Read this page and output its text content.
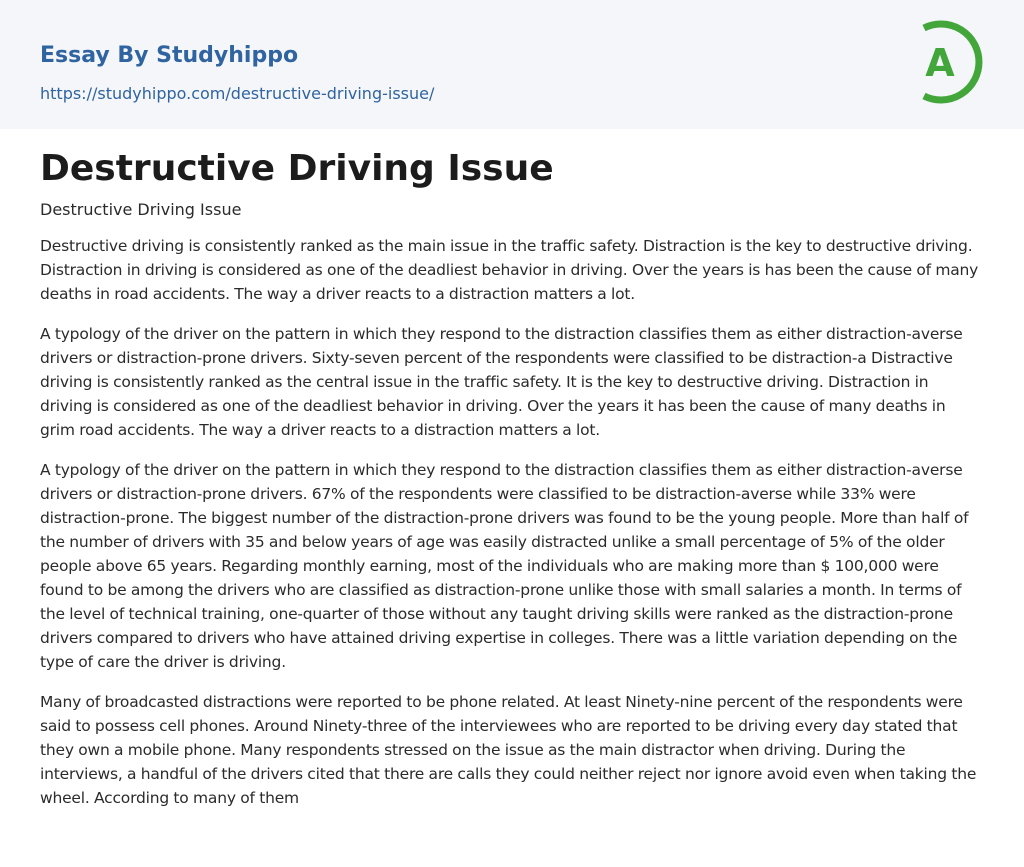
Essay By Studyhippo
https://studyhippo.com/destructive-driving-issue/
A
Destructive Driving Issue
Destructive Driving Issue

Destructive driving is consistently ranked as the main issue in the traffic safety. Distraction is the key to destructive driving. Distraction in driving is considered as one of the deadliest behavior in driving. Over the years is has been the cause of many deaths in road accidents. The way a driver reacts to a distraction matters a lot.

A typology of the driver on the pattern in which they respond to the distraction classifies them as either distraction-averse drivers or distraction-prone drivers. Sixty-seven percent of the respondents were classified to be distraction-a Distractive driving is consistently ranked as the central issue in the traffic safety. It is the key to destructive driving. Distraction in driving is considered as one of the deadliest behavior in driving. Over the years it has been the cause of many deaths in grim road accidents. The way a driver reacts to a distraction matters a lot.

A typology of the driver on the pattern in which they respond to the distraction classifies them as either distraction-averse drivers or distraction-prone drivers. 67% of the respondents were classified to be distraction-averse while 33% were distraction-prone. The biggest number of the distraction-prone drivers was found to be the young people. More than half of the number of drivers with 35 and below years of age was easily distracted unlike a small percentage of 5% of the older people above 65 years. Regarding monthly earning, most of the individuals who are making more than $ 100,000 were found to be among the drivers who are classified as distraction-prone unlike those with small salaries a month. In terms of the level of technical training, one-quarter of those without any taught driving skills were ranked as the distraction-prone drivers compared to drivers who have attained driving expertise in colleges. There was a little variation depending on the type of care the driver is driving.

Many of broadcasted distractions were reported to be phone related. At least Ninety-nine percent of the respondents were said to possess cell phones. Around Ninety-three of the interviewees who are reported to be driving every day stated that they own a mobile phone. Many respondents stressed on the issue as the main distractor when driving. During the interviews, a handful of the drivers cited that there are calls they could neither reject nor ignore avoid even when taking the wheel. According to many of them
